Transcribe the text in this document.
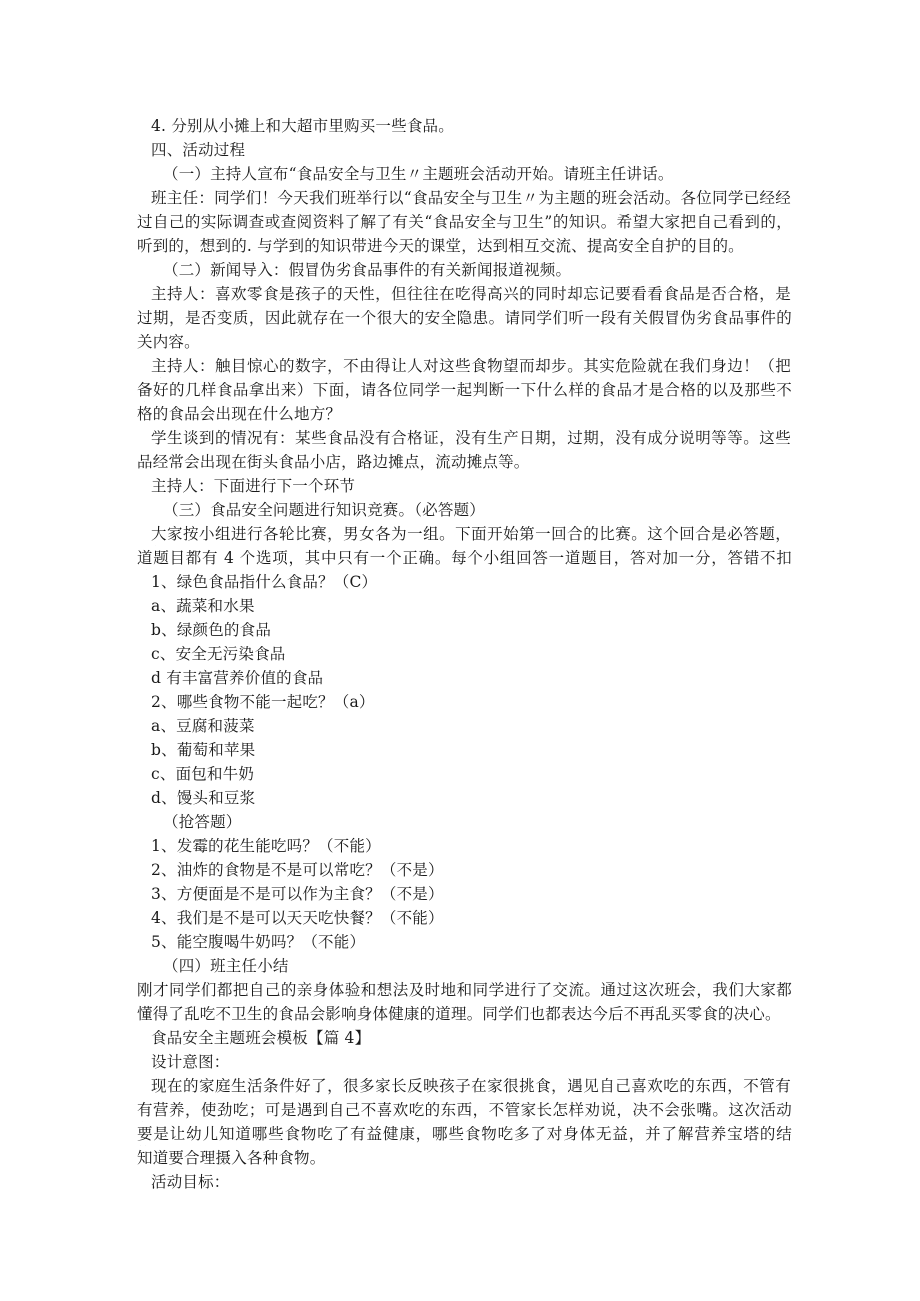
4. 分别从小摊上和大超市里购买一些食品。
四、活动过程
（一）主持人宣布“食品安全与卫生〃主题班会活动开始。请班主任讲话。
班主任：同学们！今天我们班举行以“食品安全与卫生〃为主题的班会活动。各位同学已经经
过自己的实际调查或查阅资料了解了有关“食品安全与卫生”的知识。希望大家把自己看到的，
听到的，想到的. 与学到的知识带进今天的课堂，达到相互交流、提高安全自护的目的。
（二）新闻导入：假冒伪劣食品事件的有关新闻报道视频。
主持人：喜欢零食是孩子的天性，但往往在吃得高兴的同时却忘记要看看食品是否合格，是
过期，是否变质，因此就存在一个很大的安全隐患。请同学们听一段有关假冒伪劣食品事件的
关内容。
主持人：触目惊心的数字，不由得让人对这些食物望而却步。其实危险就在我们身边！（把
备好的几样食品拿出来）下面，请各位同学一起判断一下什么样的食品才是合格的以及那些不
格的食品会出现在什么地方？
学生谈到的情况有：某些食品没有合格证，没有生产日期，过期，没有成分说明等等。这些
品经常会出现在街头食品小店，路边摊点，流动摊点等。
主持人：下面进行下一个环节
（三）食品安全问题进行知识竞赛。（必答题）
大家按小组进行各轮比赛，男女各为一组。下面开始第一回合的比赛。这个回合是必答题，
道题目都有 4 个选项，其中只有一个正确。每个小组回答一道题目，答对加一分，答错不扣
1、绿色食品指什么食品？（C）
a、蔬菜和水果
b、绿颜色的食品
c、安全无污染食品
d 有丰富营养价值的食品
2、哪些食物不能一起吃？（a）
a、豆腐和菠菜
b、葡萄和苹果
c、面包和牛奶
d、馒头和豆浆
（抢答题）
1、发霉的花生能吃吗？（不能）
2、油炸的食物是不是可以常吃？（不是）
3、方便面是不是可以作为主食？（不是）
4、我们是不是可以天天吃快餐？（不能）
5、能空腹喝牛奶吗？（不能）
（四）班主任小结
刚才同学们都把自己的亲身体验和想法及时地和同学进行了交流。通过这次班会，我们大家都
懂得了乱吃不卫生的食品会影响身体健康的道理。同学们也都表达今后不再乱买零食的决心。
食品安全主题班会模板【篇 4】
设计意图：
现在的家庭生活条件好了，很多家长反映孩子在家很挑食，遇见自己喜欢吃的东西，不管有
有营养，使劲吃；可是遇到自己不喜欢吃的东西，不管家长怎样劝说，决不会张嘴。这次活动
要是让幼儿知道哪些食物吃了有益健康，哪些食物吃多了对身体无益，并了解营养宝塔的结
知道要合理摄入各种食物。
活动目标：
